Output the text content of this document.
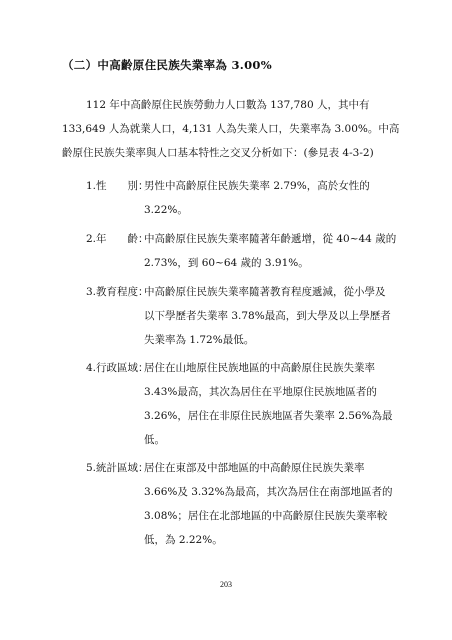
（二）中高齡原住民族失業率為 3.00%
112 年中高齡原住民族勞動力人口數為 137,780 人，其中有
133,649 人為就業人口，4,131 人為失業人口，失業率為 3.00%。中高
齡原住民族失業率與人口基本特性之交叉分析如下：(參見表 4-3-2)
1.性　　別：
男性中高齡原住民族失業率 2.79%，高於女性的
3.22%。
2.年　　齡：
中高齡原住民族失業率隨著年齡遞增，從 40~44 歲的
2.73%，到 60~64 歲的 3.91%。
3.教育程度：
中高齡原住民族失業率隨著教育程度遞減，從小學及
以下學歷者失業率 3.78%最高，到大學及以上學歷者
失業率為 1.72%最低。
4.行政區域：
居住在山地原住民族地區的中高齡原住民族失業率
3.43%最高，其次為居住在平地原住民族地區者的
3.26%，居住在非原住民族地區者失業率 2.56%為最
低。
5.統計區域：
居住在東部及中部地區的中高齡原住民族失業率
3.66%及 3.32%為最高，其次為居住在南部地區者的
3.08%；居住在北部地區的中高齡原住民族失業率較
低，為 2.22%。
203
